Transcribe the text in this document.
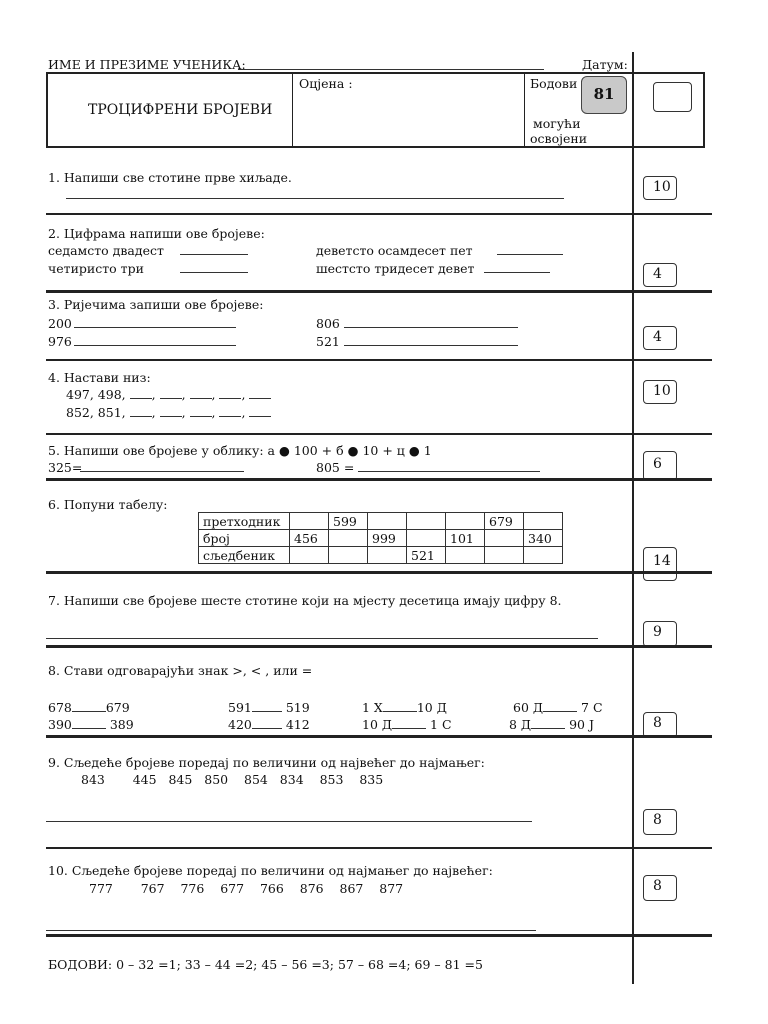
ИМЕ И ПРЕЗИМЕ УЧЕНИКА:	Датум:
ТРОЦИФРЕНИ БРОЈЕВИ
Оцјена :	Бодови
81
могући
освојени
1. Напиши све стотине прве хиљаде.
10
2. Цифрама напиши ове бројеве:
седамсто двадест	деветсто осамдесет пет
четиристо три	шестсто тридесет девет	4
3. Ријечима запиши ове бројеве:
200	806
976	521	4
4. Настави низ:
497, 498, , , , ,
852, 851, , , , ,
10
5. Напиши ове бројеве у облику: а ● 100 + б ● 10 + ц ● 1
325=	805 =	6
6. Попуни табелу:
претходник		599				679	
број	456		999		101		340
сљедбеник				521				14
7. Напиши све бројеве шесте стотине који на мјесту десетица имају цифру 8.
9
8. Стави одговарајући знак >, < , или =
678	679	591	519	1 Х	10 Д	60 Д	7 С
390	389	420	412	10 Д	1 С	8 Д	90 Ј	8
9. Сљедеће бројеве поредај по величини од највећег до најмањег:
843 445 845 850 854 834 853 835
8
10. Сљедеће бројеве поредај по величини од најмањег до највећег:
777 767 776 677 766 876 867 877	8
БОДОВИ: 0 – 32 =1; 33 – 44 =2; 45 – 56 =3; 57 – 68 =4; 69 – 81 =5
